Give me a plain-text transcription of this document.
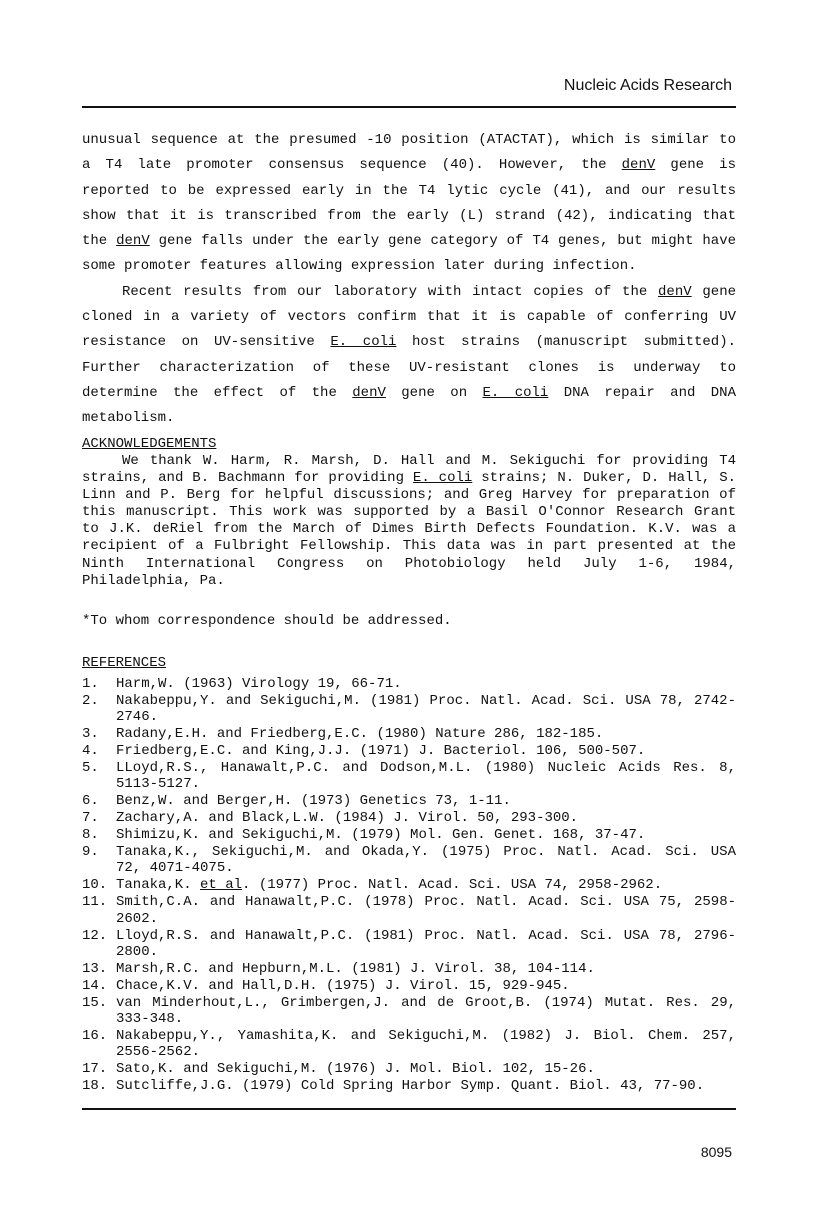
Nucleic Acids Research

unusual sequence at the presumed -10 position (ATACTAT), which is similar to a T4 late promoter consensus sequence (40). However, the denV gene is reported to be expressed early in the T4 lytic cycle (41), and our results show that it is transcribed from the early (L) strand (42), indicating that the denV gene falls under the early gene category of T4 genes, but might have some promoter features allowing expression later during infection.

Recent results from our laboratory with intact copies of the denV gene cloned in a variety of vectors confirm that it is capable of conferring UV resistance on UV-sensitive E. coli host strains (manuscript submitted). Further characterization of these UV-resistant clones is underway to determine the effect of the denV gene on E. coli DNA repair and DNA metabolism.

ACKNOWLEDGEMENTS

We thank W. Harm, R. Marsh, D. Hall and M. Sekiguchi for providing T4 strains, and B. Bachmann for providing E. coli strains; N. Duker, D. Hall, S. Linn and P. Berg for helpful discussions; and Greg Harvey for preparation of this manuscript. This work was supported by a Basil O'Connor Research Grant to J.K. deRiel from the March of Dimes Birth Defects Foundation. K.V. was a recipient of a Fulbright Fellowship. This data was in part presented at the Ninth International Congress on Photobiology held July 1-6, 1984, Philadelphia, Pa.

*To whom correspondence should be addressed.
REFERENCES
1.	Harm,W. (1963) Virology 19, 66-71.
2.	Nakabeppu,Y. and Sekiguchi,M. (1981) Proc. Natl. Acad. Sci. USA 78, 2742-2746.
3.	Radany,E.H. and Friedberg,E.C. (1980) Nature 286, 182-185.
4.	Friedberg,E.C. and King,J.J. (1971) J. Bacteriol. 106, 500-507.
5.	LLoyd,R.S., Hanawalt,P.C. and Dodson,M.L. (1980) Nucleic Acids Res. 8, 5113-5127.
6.	Benz,W. and Berger,H. (1973) Genetics 73, 1-11.
7.	Zachary,A. and Black,L.W. (1984) J. Virol. 50, 293-300.
8.	Shimizu,K. and Sekiguchi,M. (1979) Mol. Gen. Genet. 168, 37-47.
9.	Tanaka,K., Sekiguchi,M. and Okada,Y. (1975) Proc. Natl. Acad. Sci. USA 72, 4071-4075.
10. Tanaka,K. et al. (1977) Proc. Natl. Acad. Sci. USA 74, 2958-2962.
11. Smith,C.A. and Hanawalt,P.C. (1978) Proc. Natl. Acad. Sci. USA 75, 2598-2602.
12. Lloyd,R.S. and Hanawalt,P.C. (1981) Proc. Natl. Acad. Sci. USA 78, 2796-2800.
13. Marsh,R.C. and Hepburn,M.L. (1981) J. Virol. 38, 104-114.
14. Chace,K.V. and Hall,D.H. (1975) J. Virol. 15, 929-945.
15. van Minderhout,L., Grimbergen,J. and de Groot,B. (1974) Mutat. Res. 29, 333-348.
16. Nakabeppu,Y., Yamashita,K. and Sekiguchi,M. (1982) J. Biol. Chem. 257, 2556-2562.
17. Sato,K. and Sekiguchi,M. (1976) J. Mol. Biol. 102, 15-26.
18. Sutcliffe,J.G. (1979) Cold Spring Harbor Symp. Quant. Biol. 43, 77-90.
8095
